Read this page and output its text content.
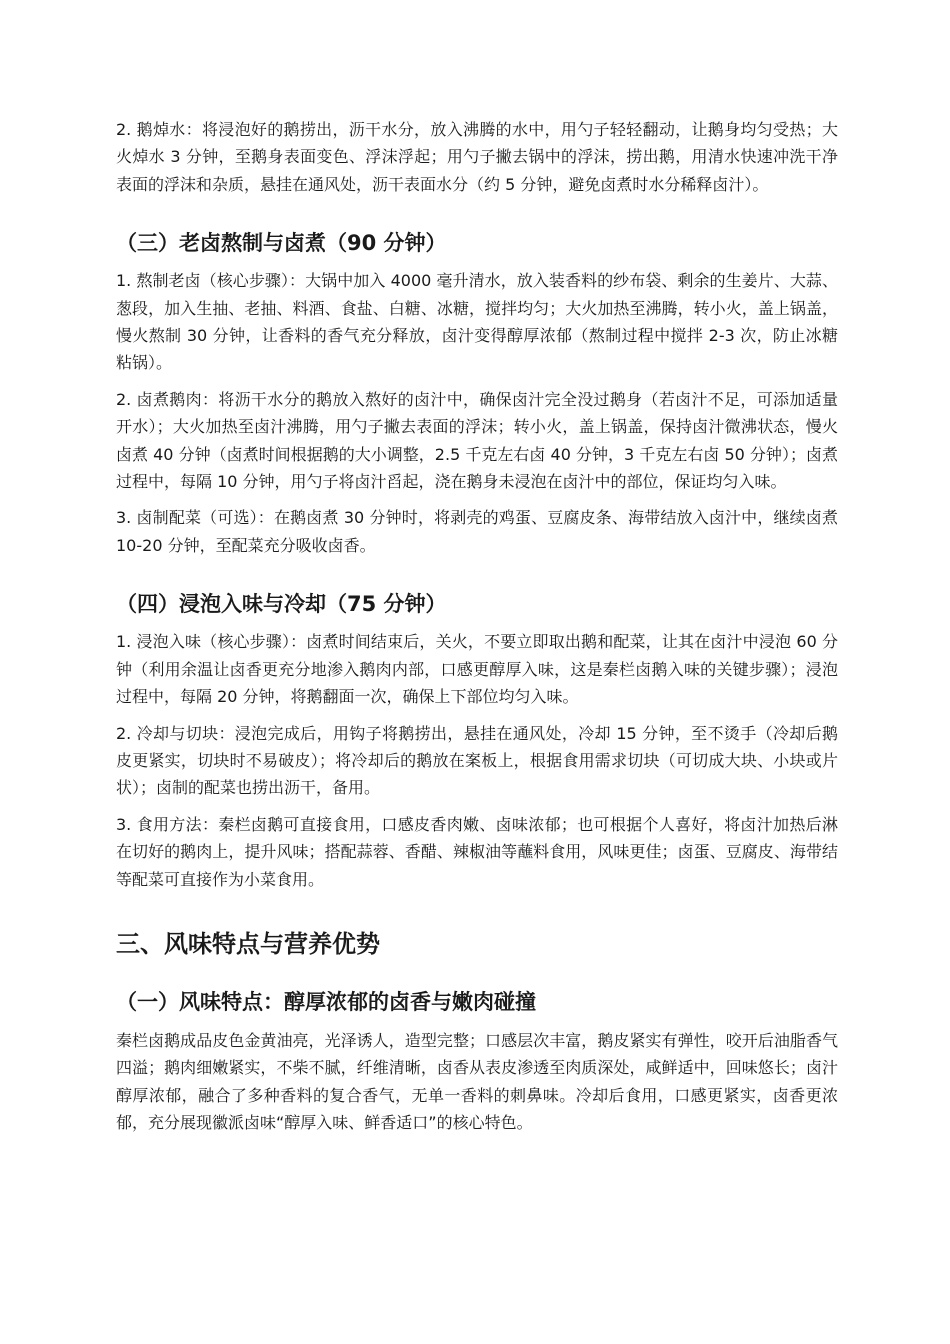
2. 鹅焯水：将浸泡好的鹅捞出，沥干水分，放入沸腾的水中，用勺子轻轻翻动，让鹅身均匀受热；大火焯水 3 分钟，至鹅身表面变色、浮沫浮起；用勺子撇去锅中的浮沫，捞出鹅，用清水快速冲洗干净表面的浮沫和杂质，悬挂在通风处，沥干表面水分（约 5 分钟，避免卤煮时水分稀释卤汁）。

（三）老卤熬制与卤煮（90 分钟）

1. 熬制老卤（核心步骤）：大锅中加入 4000 毫升清水，放入装香料的纱布袋、剩余的生姜片、大蒜、葱段，加入生抽、老抽、料酒、食盐、白糖、冰糖，搅拌均匀；大火加热至沸腾，转小火，盖上锅盖，慢火熬制 30 分钟，让香料的香气充分释放，卤汁变得醇厚浓郁（熬制过程中搅拌 2-3 次，防止冰糖粘锅）。

2. 卤煮鹅肉：将沥干水分的鹅放入熬好的卤汁中，确保卤汁完全没过鹅身（若卤汁不足，可添加适量开水）；大火加热至卤汁沸腾，用勺子撇去表面的浮沫；转小火，盖上锅盖，保持卤汁微沸状态，慢火卤煮 40 分钟（卤煮时间根据鹅的大小调整，2.5 千克左右卤 40 分钟，3 千克左右卤 50 分钟）；卤煮过程中，每隔 10 分钟，用勺子将卤汁舀起，浇在鹅身未浸泡在卤汁中的部位，保证均匀入味。

3. 卤制配菜（可选）：在鹅卤煮 30 分钟时，将剥壳的鸡蛋、豆腐皮条、海带结放入卤汁中，继续卤煮 10-20 分钟，至配菜充分吸收卤香。

（四）浸泡入味与冷却（75 分钟）

1. 浸泡入味（核心步骤）：卤煮时间结束后，关火，不要立即取出鹅和配菜，让其在卤汁中浸泡 60 分钟（利用余温让卤香更充分地渗入鹅肉内部，口感更醇厚入味，这是秦栏卤鹅入味的关键步骤）；浸泡过程中，每隔 20 分钟，将鹅翻面一次，确保上下部位均匀入味。

2. 冷却与切块：浸泡完成后，用钩子将鹅捞出，悬挂在通风处，冷却 15 分钟，至不烫手（冷却后鹅皮更紧实，切块时不易破皮）；将冷却后的鹅放在案板上，根据食用需求切块（可切成大块、小块或片状）；卤制的配菜也捞出沥干，备用。

3. 食用方法：秦栏卤鹅可直接食用，口感皮香肉嫩、卤味浓郁；也可根据个人喜好，将卤汁加热后淋在切好的鹅肉上，提升风味；搭配蒜蓉、香醋、辣椒油等蘸料食用，风味更佳；卤蛋、豆腐皮、海带结等配菜可直接作为小菜食用。

三、风味特点与营养优势
（一）风味特点：醇厚浓郁的卤香与嫩肉碰撞

秦栏卤鹅成品皮色金黄油亮，光泽诱人，造型完整；口感层次丰富，鹅皮紧实有弹性，咬开后油脂香气四溢；鹅肉细嫩紧实，不柴不腻，纤维清晰，卤香从表皮渗透至肉质深处，咸鲜适中，回味悠长；卤汁醇厚浓郁，融合了多种香料的复合香气，无单一香料的刺鼻味。冷却后食用，口感更紧实，卤香更浓郁，充分展现徽派卤味“醇厚入味、鲜香适口”的核心特色。
